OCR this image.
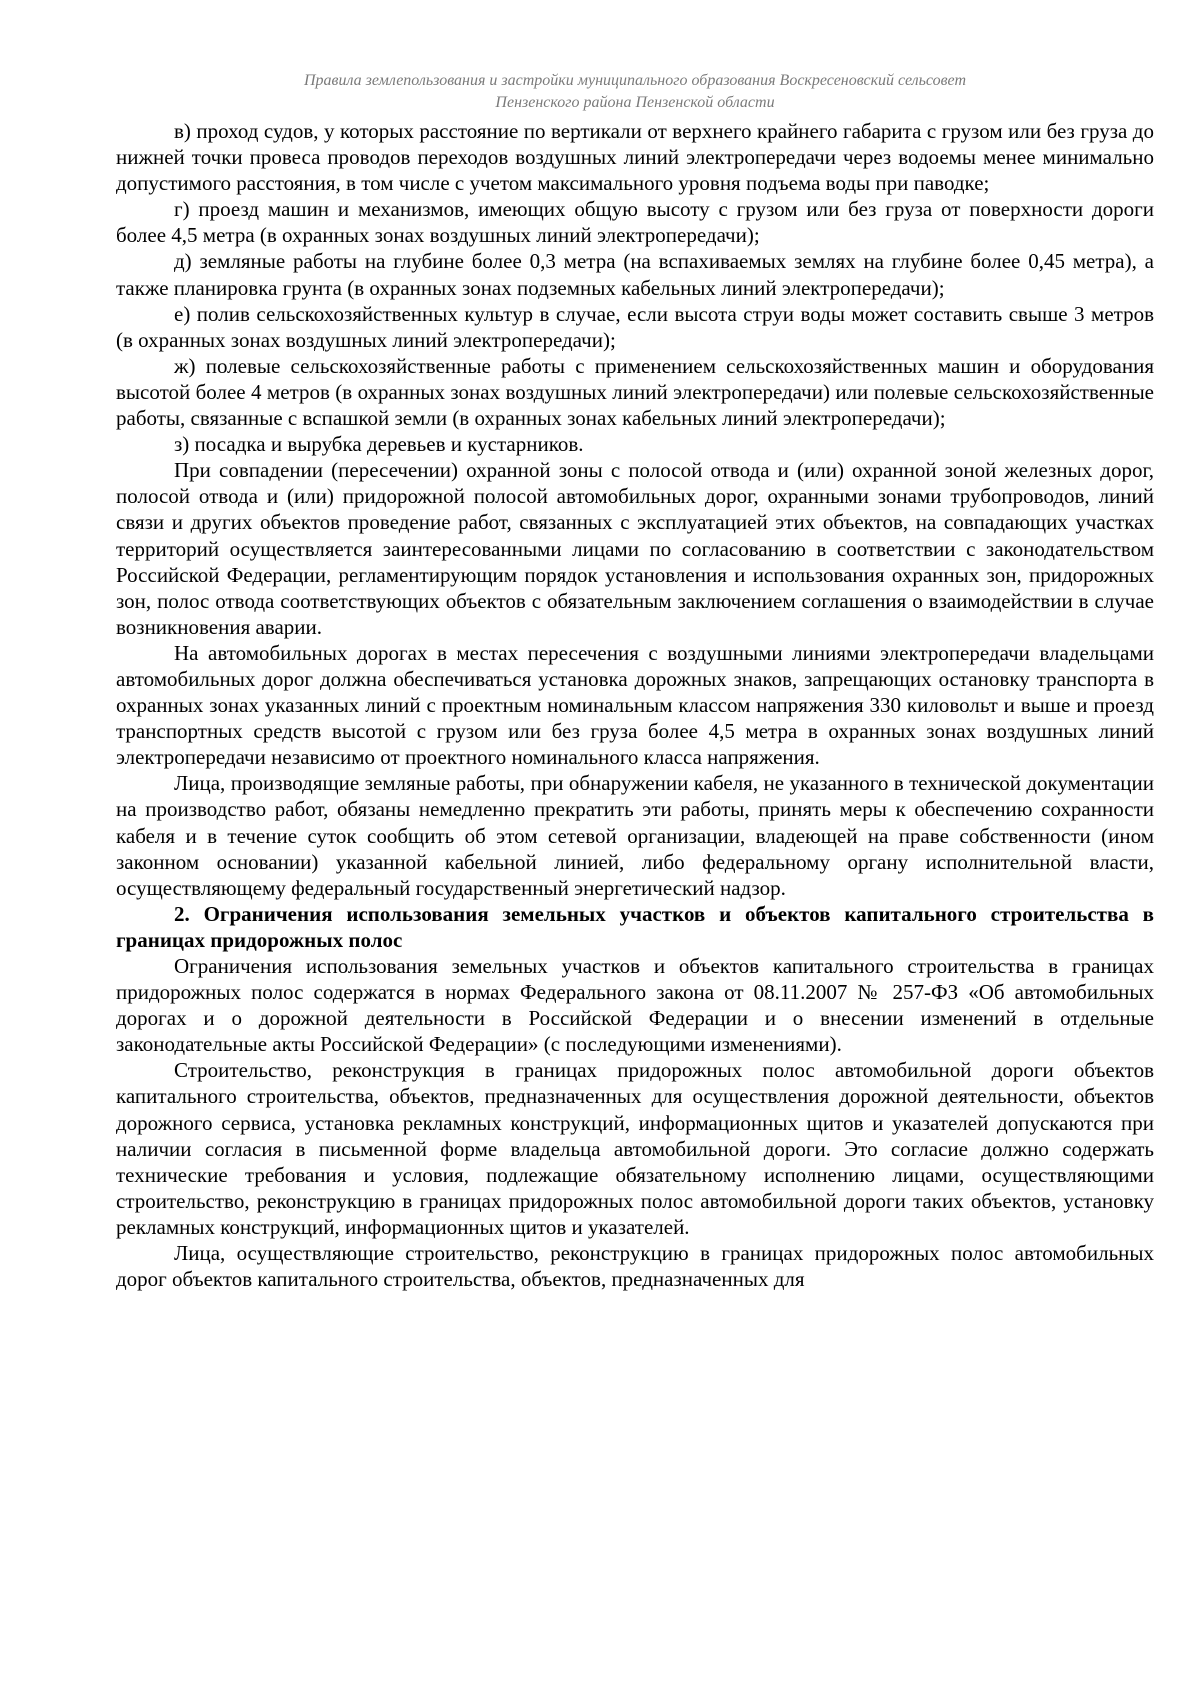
Правила землепользования и застройки муниципального образования Воскресеновский сельсовет
Пензенского района Пензенской области

в) проход судов, у которых расстояние по вертикали от верхнего крайнего габарита с грузом или без груза до нижней точки провеса проводов переходов воздушных линий электропередачи через водоемы менее минимально допустимого расстояния, в том числе с учетом максимального уровня подъема воды при паводке;

г) проезд машин и механизмов, имеющих общую высоту с грузом или без груза от поверхности дороги более 4,5 метра (в охранных зонах воздушных линий электропередачи);

д) земляные работы на глубине более 0,3 метра (на вспахиваемых землях на глубине более 0,45 метра), а также планировка грунта (в охранных зонах подземных кабельных линий электропередачи);

е) полив сельскохозяйственных культур в случае, если высота струи воды может составить свыше 3 метров (в охранных зонах воздушных линий электропередачи);

ж) полевые сельскохозяйственные работы с применением сельскохозяйственных машин и оборудования высотой более 4 метров (в охранных зонах воздушных линий электропередачи) или полевые сельскохозяйственные работы, связанные с вспашкой земли (в охранных зонах кабельных линий электропередачи);

з) посадка и вырубка деревьев и кустарников.

При совпадении (пересечении) охранной зоны с полосой отвода и (или) охранной зоной железных дорог, полосой отвода и (или) придорожной полосой автомобильных дорог, охранными зонами трубопроводов, линий связи и других объектов проведение работ, связанных с эксплуатацией этих объектов, на совпадающих участках территорий осуществляется заинтересованными лицами по согласованию в соответствии с законодательством Российской Федерации, регламентирующим порядок установления и использования охранных зон, придорожных зон, полос отвода соответствующих объектов с обязательным заключением соглашения о взаимодействии в случае возникновения аварии.

На автомобильных дорогах в местах пересечения с воздушными линиями электропередачи владельцами автомобильных дорог должна обеспечиваться установка дорожных знаков, запрещающих остановку транспорта в охранных зонах указанных линий с проектным номинальным классом напряжения 330 киловольт и выше и проезд транспортных средств высотой с грузом или без груза более 4,5 метра в охранных зонах воздушных линий электропередачи независимо от проектного номинального класса напряжения.

Лица, производящие земляные работы, при обнаружении кабеля, не указанного в технической документации на производство работ, обязаны немедленно прекратить эти работы, принять меры к обеспечению сохранности кабеля и в течение суток сообщить об этом сетевой организации, владеющей на праве собственности (ином законном основании) указанной кабельной линией, либо федеральному органу исполнительной власти, осуществляющему федеральный государственный энергетический надзор.

2. Ограничения использования земельных участков и объектов капитального строительства в границах придорожных полос

Ограничения использования земельных участков и объектов капитального строительства в границах придорожных полос содержатся в нормах Федерального закона от 08.11.2007 № 257-ФЗ «Об автомобильных дорогах и о дорожной деятельности в Российской Федерации и о внесении изменений в отдельные законодательные акты Российской Федерации» (с последующими изменениями).

Строительство, реконструкция в границах придорожных полос автомобильной дороги объектов капитального строительства, объектов, предназначенных для осуществления дорожной деятельности, объектов дорожного сервиса, установка рекламных конструкций, информационных щитов и указателей допускаются при наличии согласия в письменной форме владельца автомобильной дороги. Это согласие должно содержать технические требования и условия, подлежащие обязательному исполнению лицами, осуществляющими строительство, реконструкцию в границах придорожных полос автомобильной дороги таких объектов, установку рекламных конструкций, информационных щитов и указателей.

Лица, осуществляющие строительство, реконструкцию в границах придорожных полос автомобильных дорог объектов капитального строительства, объектов, предназначенных для
